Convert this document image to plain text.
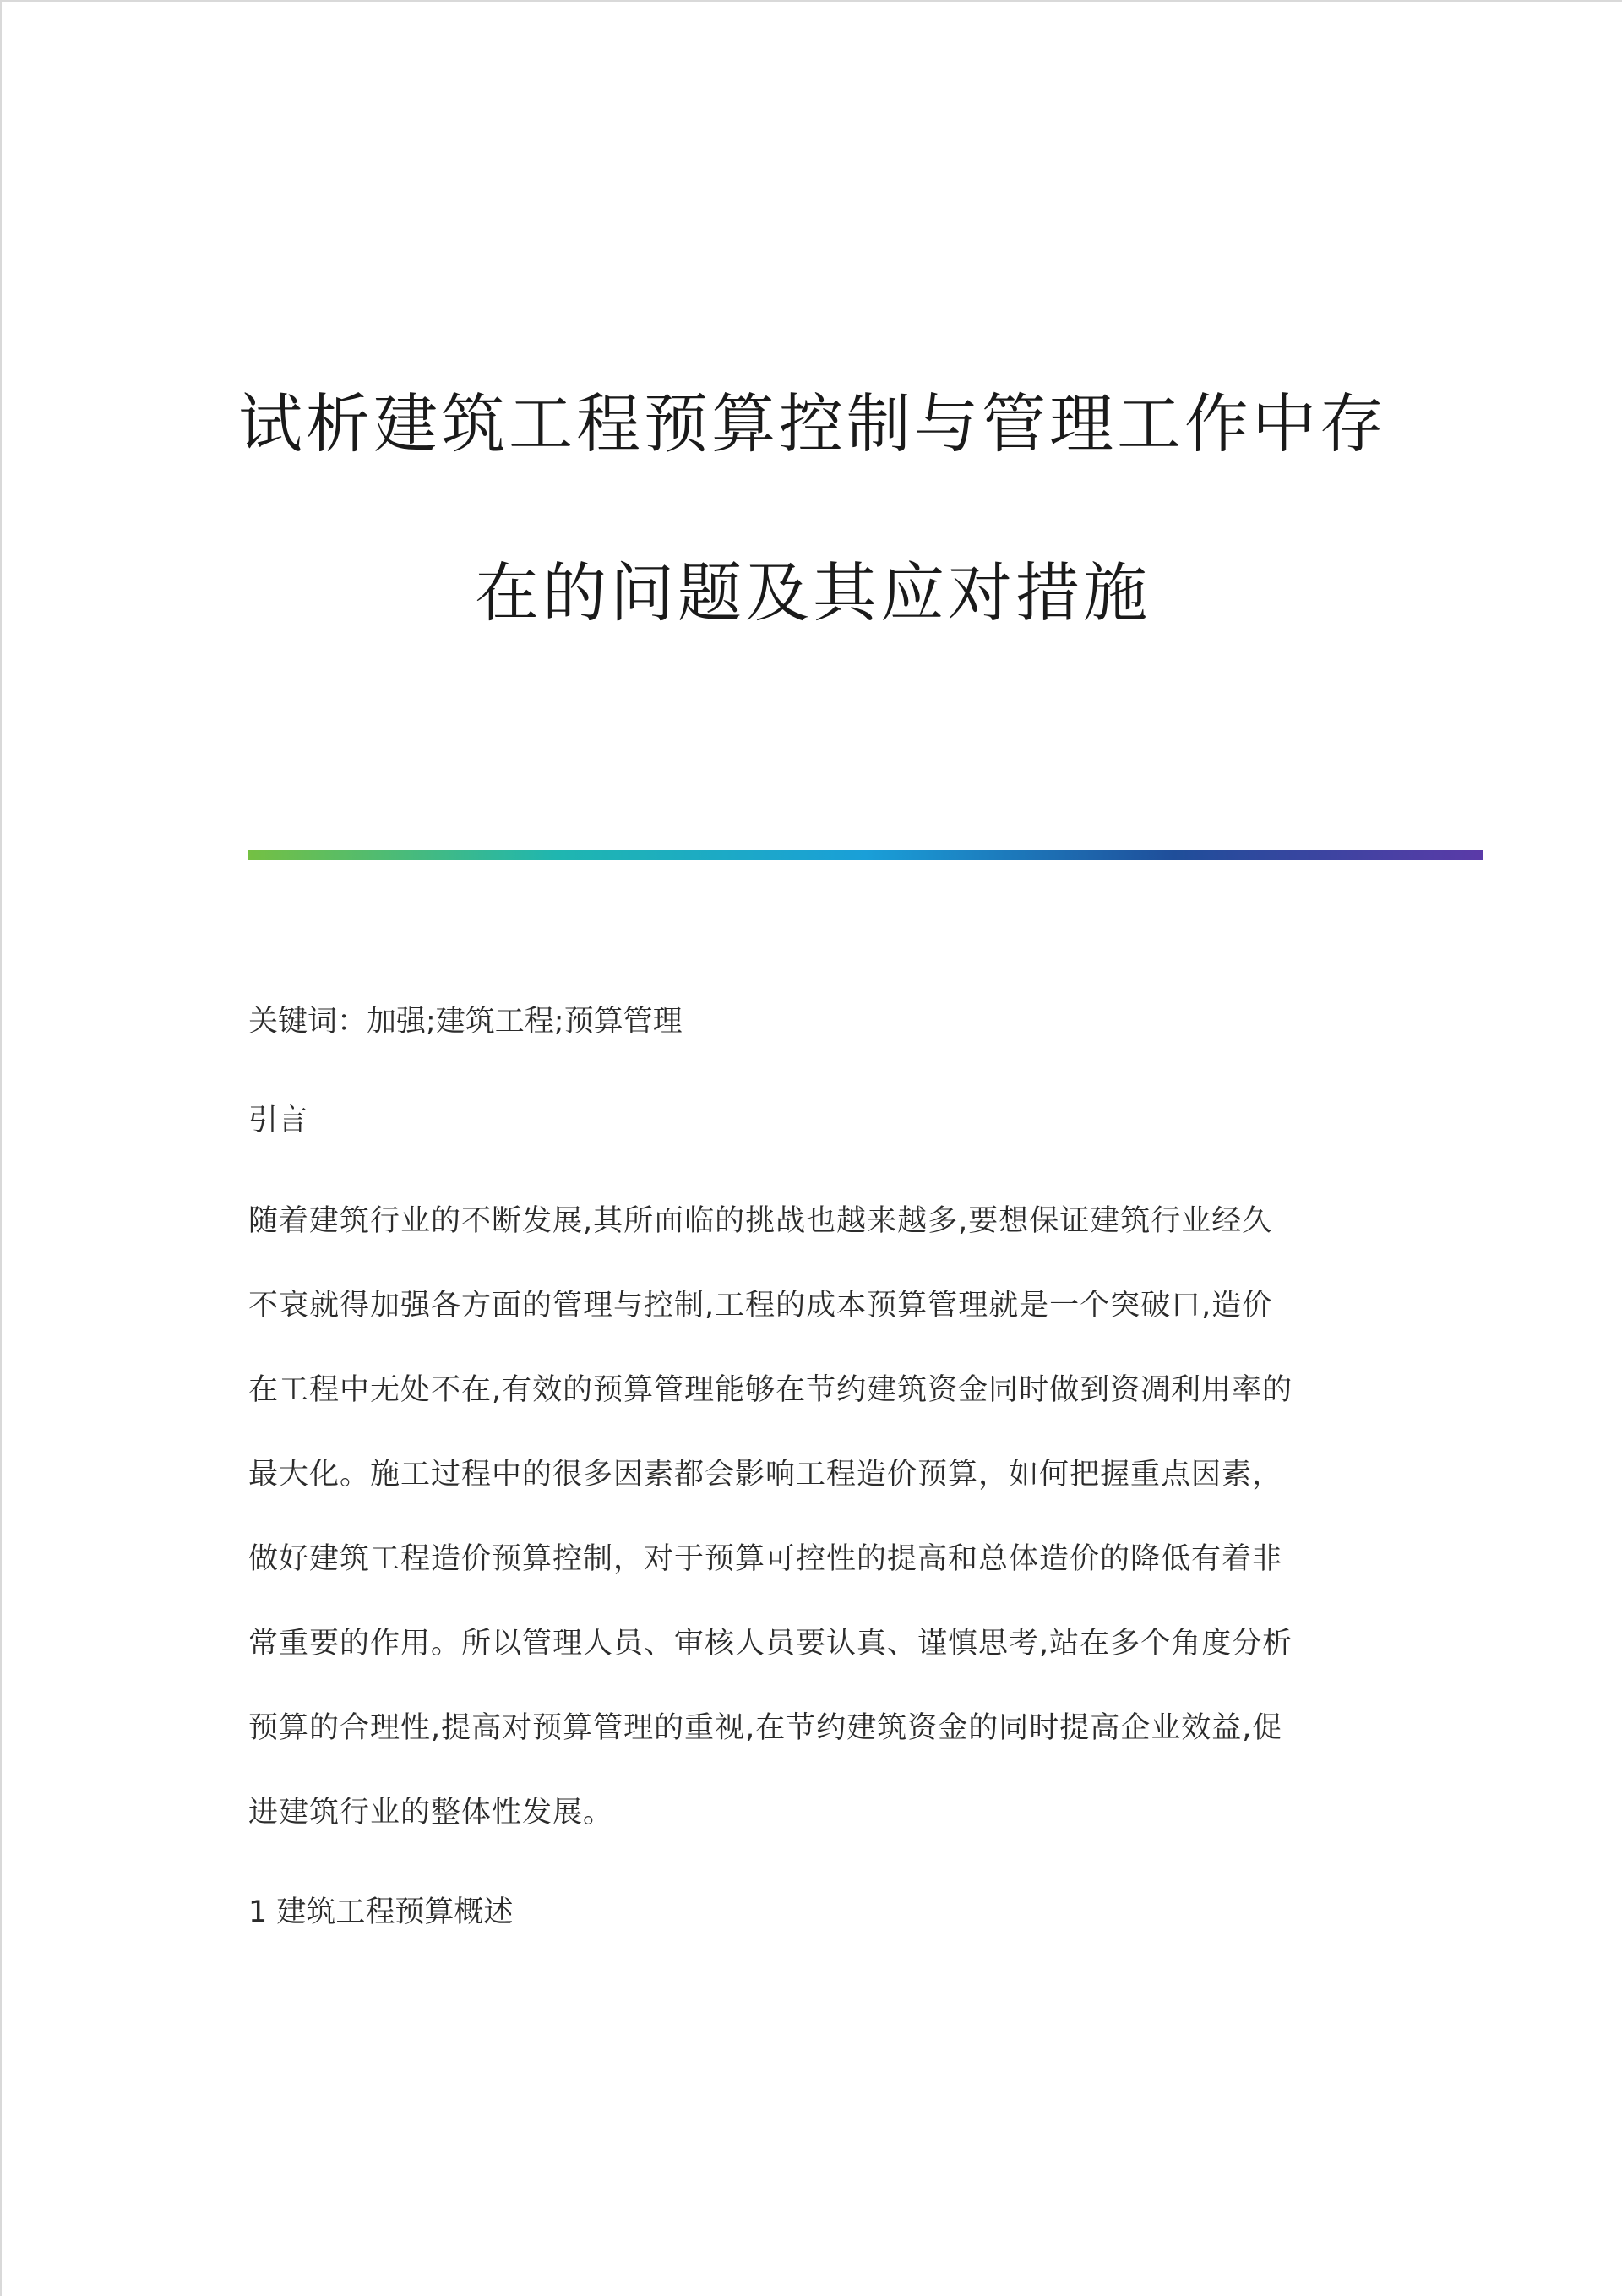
试析建筑工程预算控制与管理工作中存
在的问题及其应对措施
关键词：加强;建筑工程;预算管理
引言
随着建筑行业的不断发展,其所面临的挑战也越来越多,要想保证建筑行业经久
不衰就得加强各方面的管理与控制,工程的成本预算管理就是一个突破口,造价
在工程中无处不在,有效的预算管理能够在节约建筑资金同时做到资凋利用率的
最大化。施工过程中的很多因素都会影响工程造价预算，如何把握重点因素，
做好建筑工程造价预算控制，对于预算可控性的提高和总体造价的降低有着非
常重要的作用。所以管理人员、审核人员要认真、谨慎思考,站在多个角度分析
预算的合理性,提高对预算管理的重视,在节约建筑资金的同时提高企业效益,促
进建筑行业的整体性发展。
1 建筑工程预算概述
